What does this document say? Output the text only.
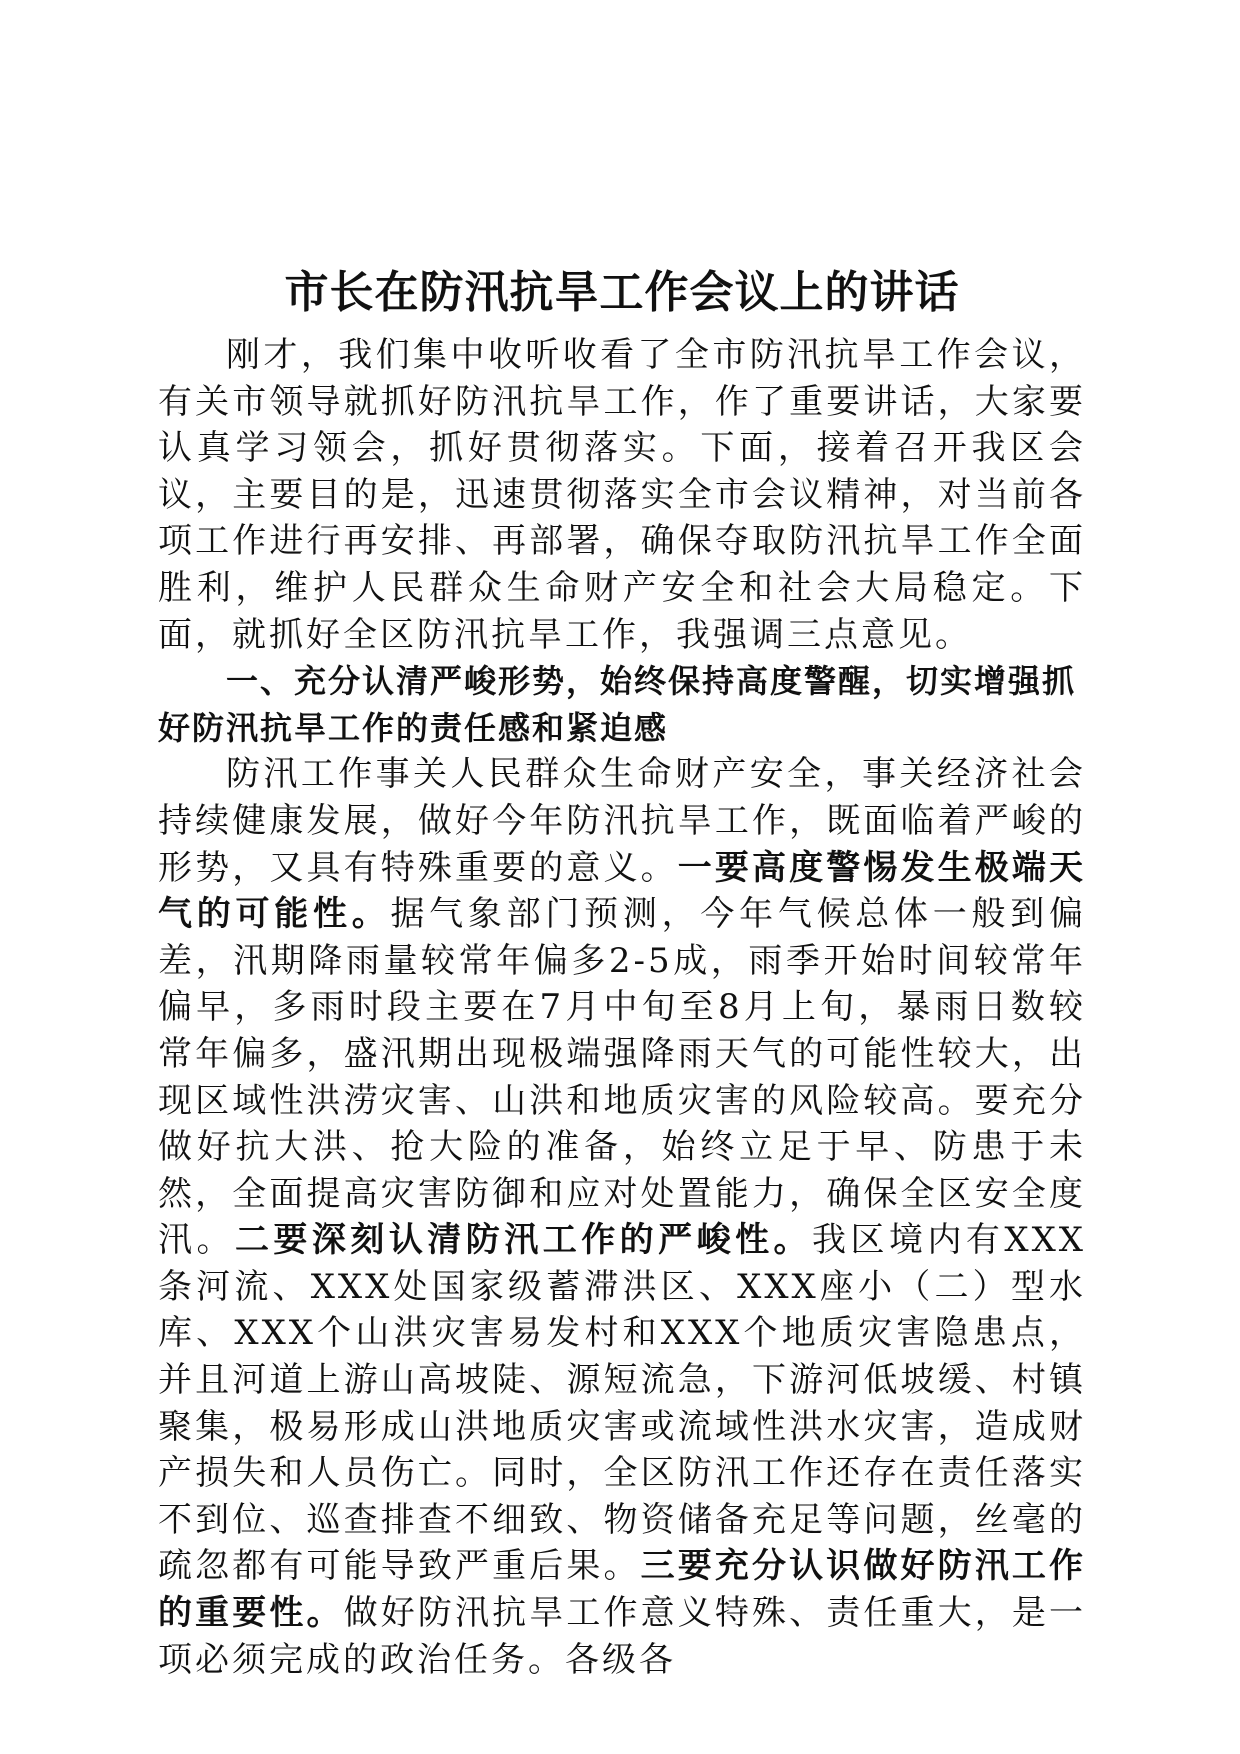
市长在防汛抗旱工作会议上的讲话

刚才，我们集中收听收看了全市防汛抗旱工作会议，有关市领导就抓好防汛抗旱工作，作了重要讲话，大家要认真学习领会，抓好贯彻落实。下面，接着召开我区会议，主要目的是，迅速贯彻落实全市会议精神，对当前各项工作进行再安排、再部署，确保夺取防汛抗旱工作全面胜利，维护人民群众生命财产安全和社会大局稳定。下面，就抓好全区防汛抗旱工作，我强调三点意见。

一、充分认清严峻形势，始终保持高度警醒，切实增强抓好防汛抗旱工作的责任感和紧迫感

防汛工作事关人民群众生命财产安全，事关经济社会持续健康发展，做好今年防汛抗旱工作，既面临着严峻的形势，又具有特殊重要的意义。一要高度警惕发生极端天气的可能性。据气象部门预测，今年气候总体一般到偏差，汛期降雨量较常年偏多2-5成，雨季开始时间较常年偏早，多雨时段主要在7月中旬至8月上旬，暴雨日数较常年偏多，盛汛期出现极端强降雨天气的可能性较大，出现区域性洪涝灾害、山洪和地质灾害的风险较高。要充分做好抗大洪、抢大险的准备，始终立足于早、防患于未然，全面提高灾害防御和应对处置能力，确保全区安全度汛。二要深刻认清防汛工作的严峻性。我区境内有XXX条河流、XXX处国家级蓄滞洪区、XXX座小（二）型水库、XXX个山洪灾害易发村和XXX个地质灾害隐患点，并且河道上游山高坡陡、源短流急，下游河低坡缓、村镇聚集，极易形成山洪地质灾害或流域性洪水灾害，造成财产损失和人员伤亡。同时，全区防汛工作还存在责任落实不到位、巡查排查不细致、物资储备充足等问题，丝毫的疏忽都有可能导致严重后果。三要充分认识做好防汛工作的重要性。做好防汛抗旱工作意义特殊、责任重大，是一项必须完成的政治任务。各级各
